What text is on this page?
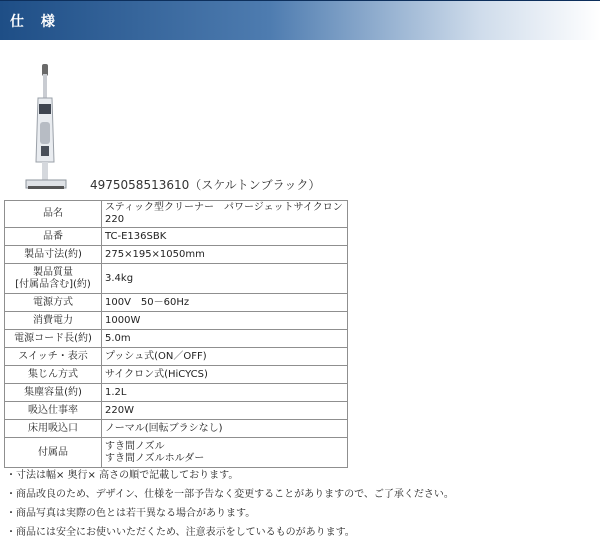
仕 様
4975058513610（スケルトンブラック）
品名	スティック型クリーナー　パワージェットサイクロン220
品番	TC-E136SBK
製品寸法(約)	275×195×1050mm
製品質量
[付属品含む](約)	3.4kg
電源方式	100V　50－60Hz
消費電力	1000W
電源コード長(約)	5.0m
スイッチ・表示	プッシュ式(ON／OFF)
集じん方式	サイクロン式(HiCYCS)
集塵容量(約)	1.2L
吸込仕事率	220W
床用吸込口	ノーマル(回転ブラシなし)
付属品	すき間ノズル
すき間ノズルホルダー
・寸法は幅× 奥行× 高さの順で記載しております。
・商品改良のため、デザイン、仕様を一部予告なく変更することがありますので、ご了承ください。
・商品写真は実際の色とは若干異なる場合があります。
・商品には安全にお使いいただくため、注意表示をしているものがあります。
